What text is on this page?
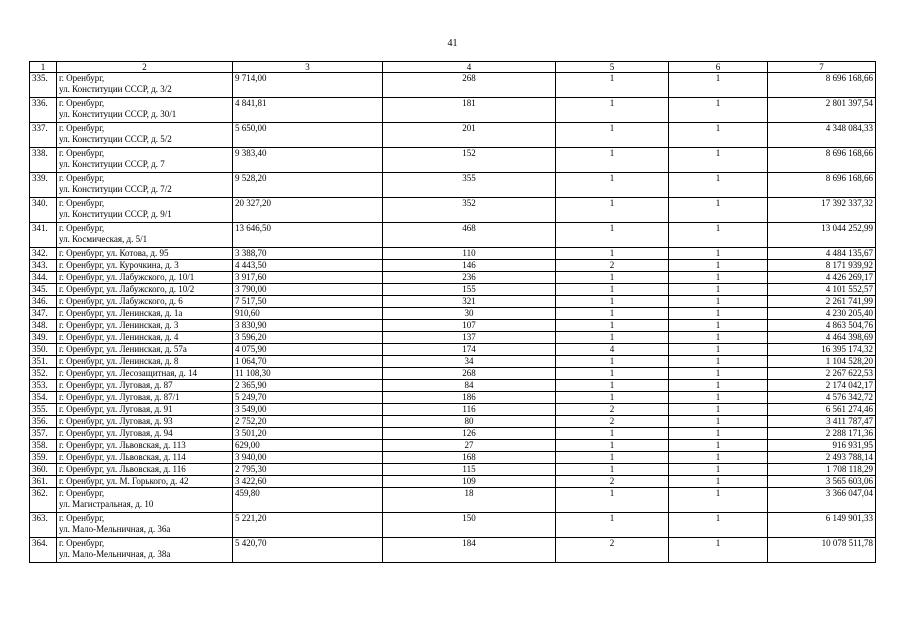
41
1	2	3	4	5	6	7
335.	г. Оренбург,
ул. Конституции СССР, д. 3/2	9 714,00	268	1	1	8 696 168,66
336.	г. Оренбург,
ул. Конституции СССР, д. 30/1	4 841,81	181	1	1	2 801 397,54
337.	г. Оренбург,
ул. Конституции СССР, д. 5/2	5 650,00	201	1	1	4 348 084,33
338.	г. Оренбург,
ул. Конституции СССР, д. 7	9 383,40	152	1	1	8 696 168,66
339.	г. Оренбург,
ул. Конституции СССР, д. 7/2	9 528,20	355	1	1	8 696 168,66
340.	г. Оренбург,
ул. Конституции СССР, д. 9/1	20 327,20	352	1	1	17 392 337,32
341.	г. Оренбург,
ул. Космическая, д. 5/1	13 646,50	468	1	1	13 044 252,99
342.	г. Оренбург, ул. Котова, д. 95	3 388,70	110	1	1	4 484 135,67
343.	г. Оренбург, ул. Курочкина, д. 3	4 443,50	146	2	1	8 171 939,92
344.	г. Оренбург, ул. Лабужского, д. 10/1	3 917,60	236	1	1	4 426 269,17
345.	г. Оренбург, ул. Лабужского, д. 10/2	3 790,00	155	1	1	4 101 552,57
346.	г. Оренбург, ул. Лабужского, д. 6	7 517,50	321	1	1	2 261 741,99
347.	г. Оренбург, ул. Ленинская, д. 1а	910,60	30	1	1	4 230 205,40
348.	г. Оренбург, ул. Ленинская, д. 3	3 830,90	107	1	1	4 863 504,76
349.	г. Оренбург, ул. Ленинская, д. 4	3 596,20	137	1	1	4 464 398,69
350.	г. Оренбург, ул. Ленинская, д. 57а	4 075,90	174	4	1	16 395 174,32
351.	г. Оренбург, ул. Ленинская, д. 8	1 064,70	34	1	1	1 104 528,20
352.	г. Оренбург, ул. Лесозащитная, д. 14	11 108,30	268	1	1	2 267 622,53
353.	г. Оренбург, ул. Луговая, д. 87	2 365,90	84	1	1	2 174 042,17
354.	г. Оренбург, ул. Луговая, д. 87/1	5 249,70	186	1	1	4 576 342,72
355.	г. Оренбург, ул. Луговая, д. 91	3 549,00	116	2	1	6 561 274,46
356.	г. Оренбург, ул. Луговая, д. 93	2 752,20	80	2	1	3 411 787,47
357.	г. Оренбург, ул. Луговая, д. 94	3 501,20	126	1	1	2 288 171,36
358.	г. Оренбург, ул. Львовская, д. 113	629,00	27	1	1	916 931,95
359.	г. Оренбург, ул. Львовская, д. 114	3 940,00	168	1	1	2 493 788,14
360.	г. Оренбург, ул. Львовская, д. 116	2 795,30	115	1	1	1 708 118,29
361.	г. Оренбург, ул. М. Горького, д. 42	3 422,60	109	2	1	3 565 603,06
362.	г. Оренбург,
ул. Магистральная, д. 10	459,80	18	1	1	3 366 047,04
363.	г. Оренбург,
ул. Мало-Мельничная, д. 36а	5 221,20	150	1	1	6 149 901,33
364.	г. Оренбург,
ул. Мало-Мельничная, д. 38а	5 420,70	184	2	1	10 078 511,78
